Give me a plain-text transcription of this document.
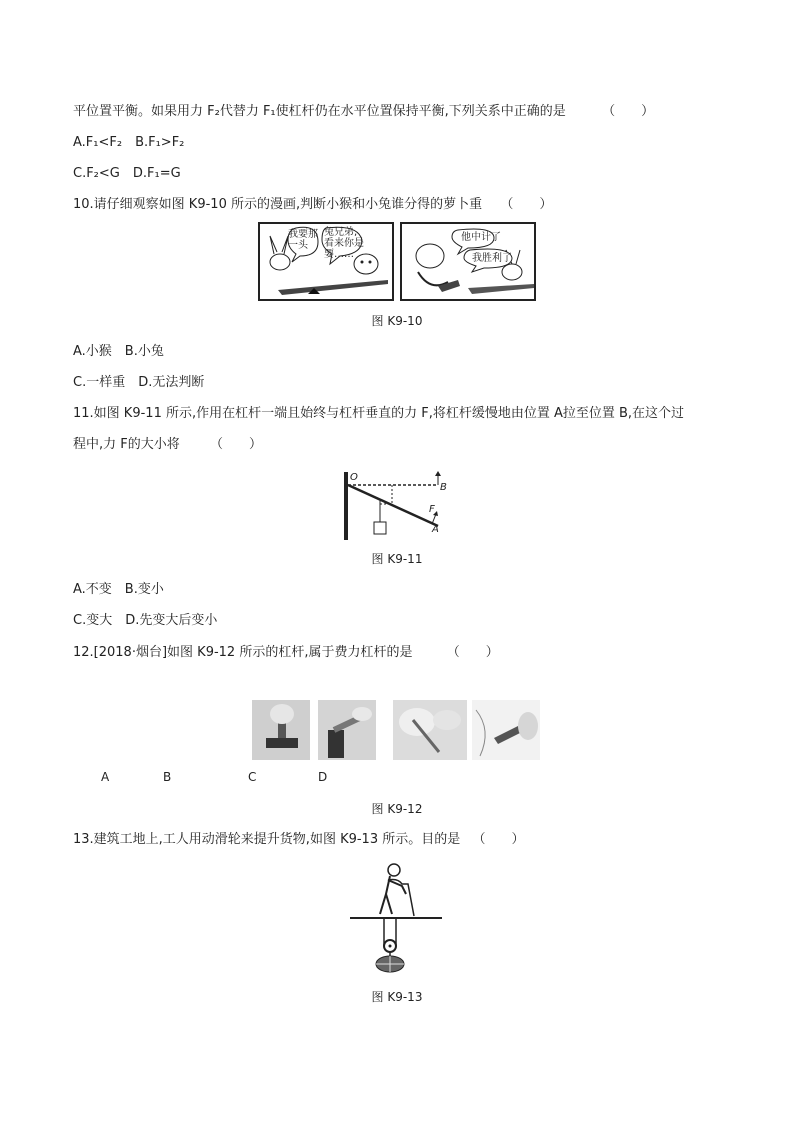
平位置平衡。如果用力 F₂代替力 F₁使杠杆仍在水平位置保持平衡,下列关系中正确的是	（　　）
A.F₁<F₂　B.F₁>F₂
C.F₂<G　D.F₁=G
10.请仔细观察如图 K9-10 所示的漫画,判断小猴和小兔谁分得的萝卜重 （　　）
我要那一头
兔兄弟,看来你是要……
他中计了
我胜利了
图 K9-10
A.小猴　B.小兔
C.一样重　D.无法判断
11.如图 K9-11 所示,作用在杠杆一端且始终与杠杆垂直的力 F,将杠杆缓慢地由位置 A拉至位置 B,在这个过
程中,力 F的大小将 （　　）
O
B
F
A
图 K9-11
A.不变　B.变小
C.变大　D.先变大后变小
12.[2018·烟台]如图 K9-12 所示的杠杆,属于费力杠杆的是	（　　）
A	B	C	D
图 K9-12
13.建筑工地上,工人用动滑轮来提升货物,如图 K9-13 所示。目的是 （　　）
图 K9-13
